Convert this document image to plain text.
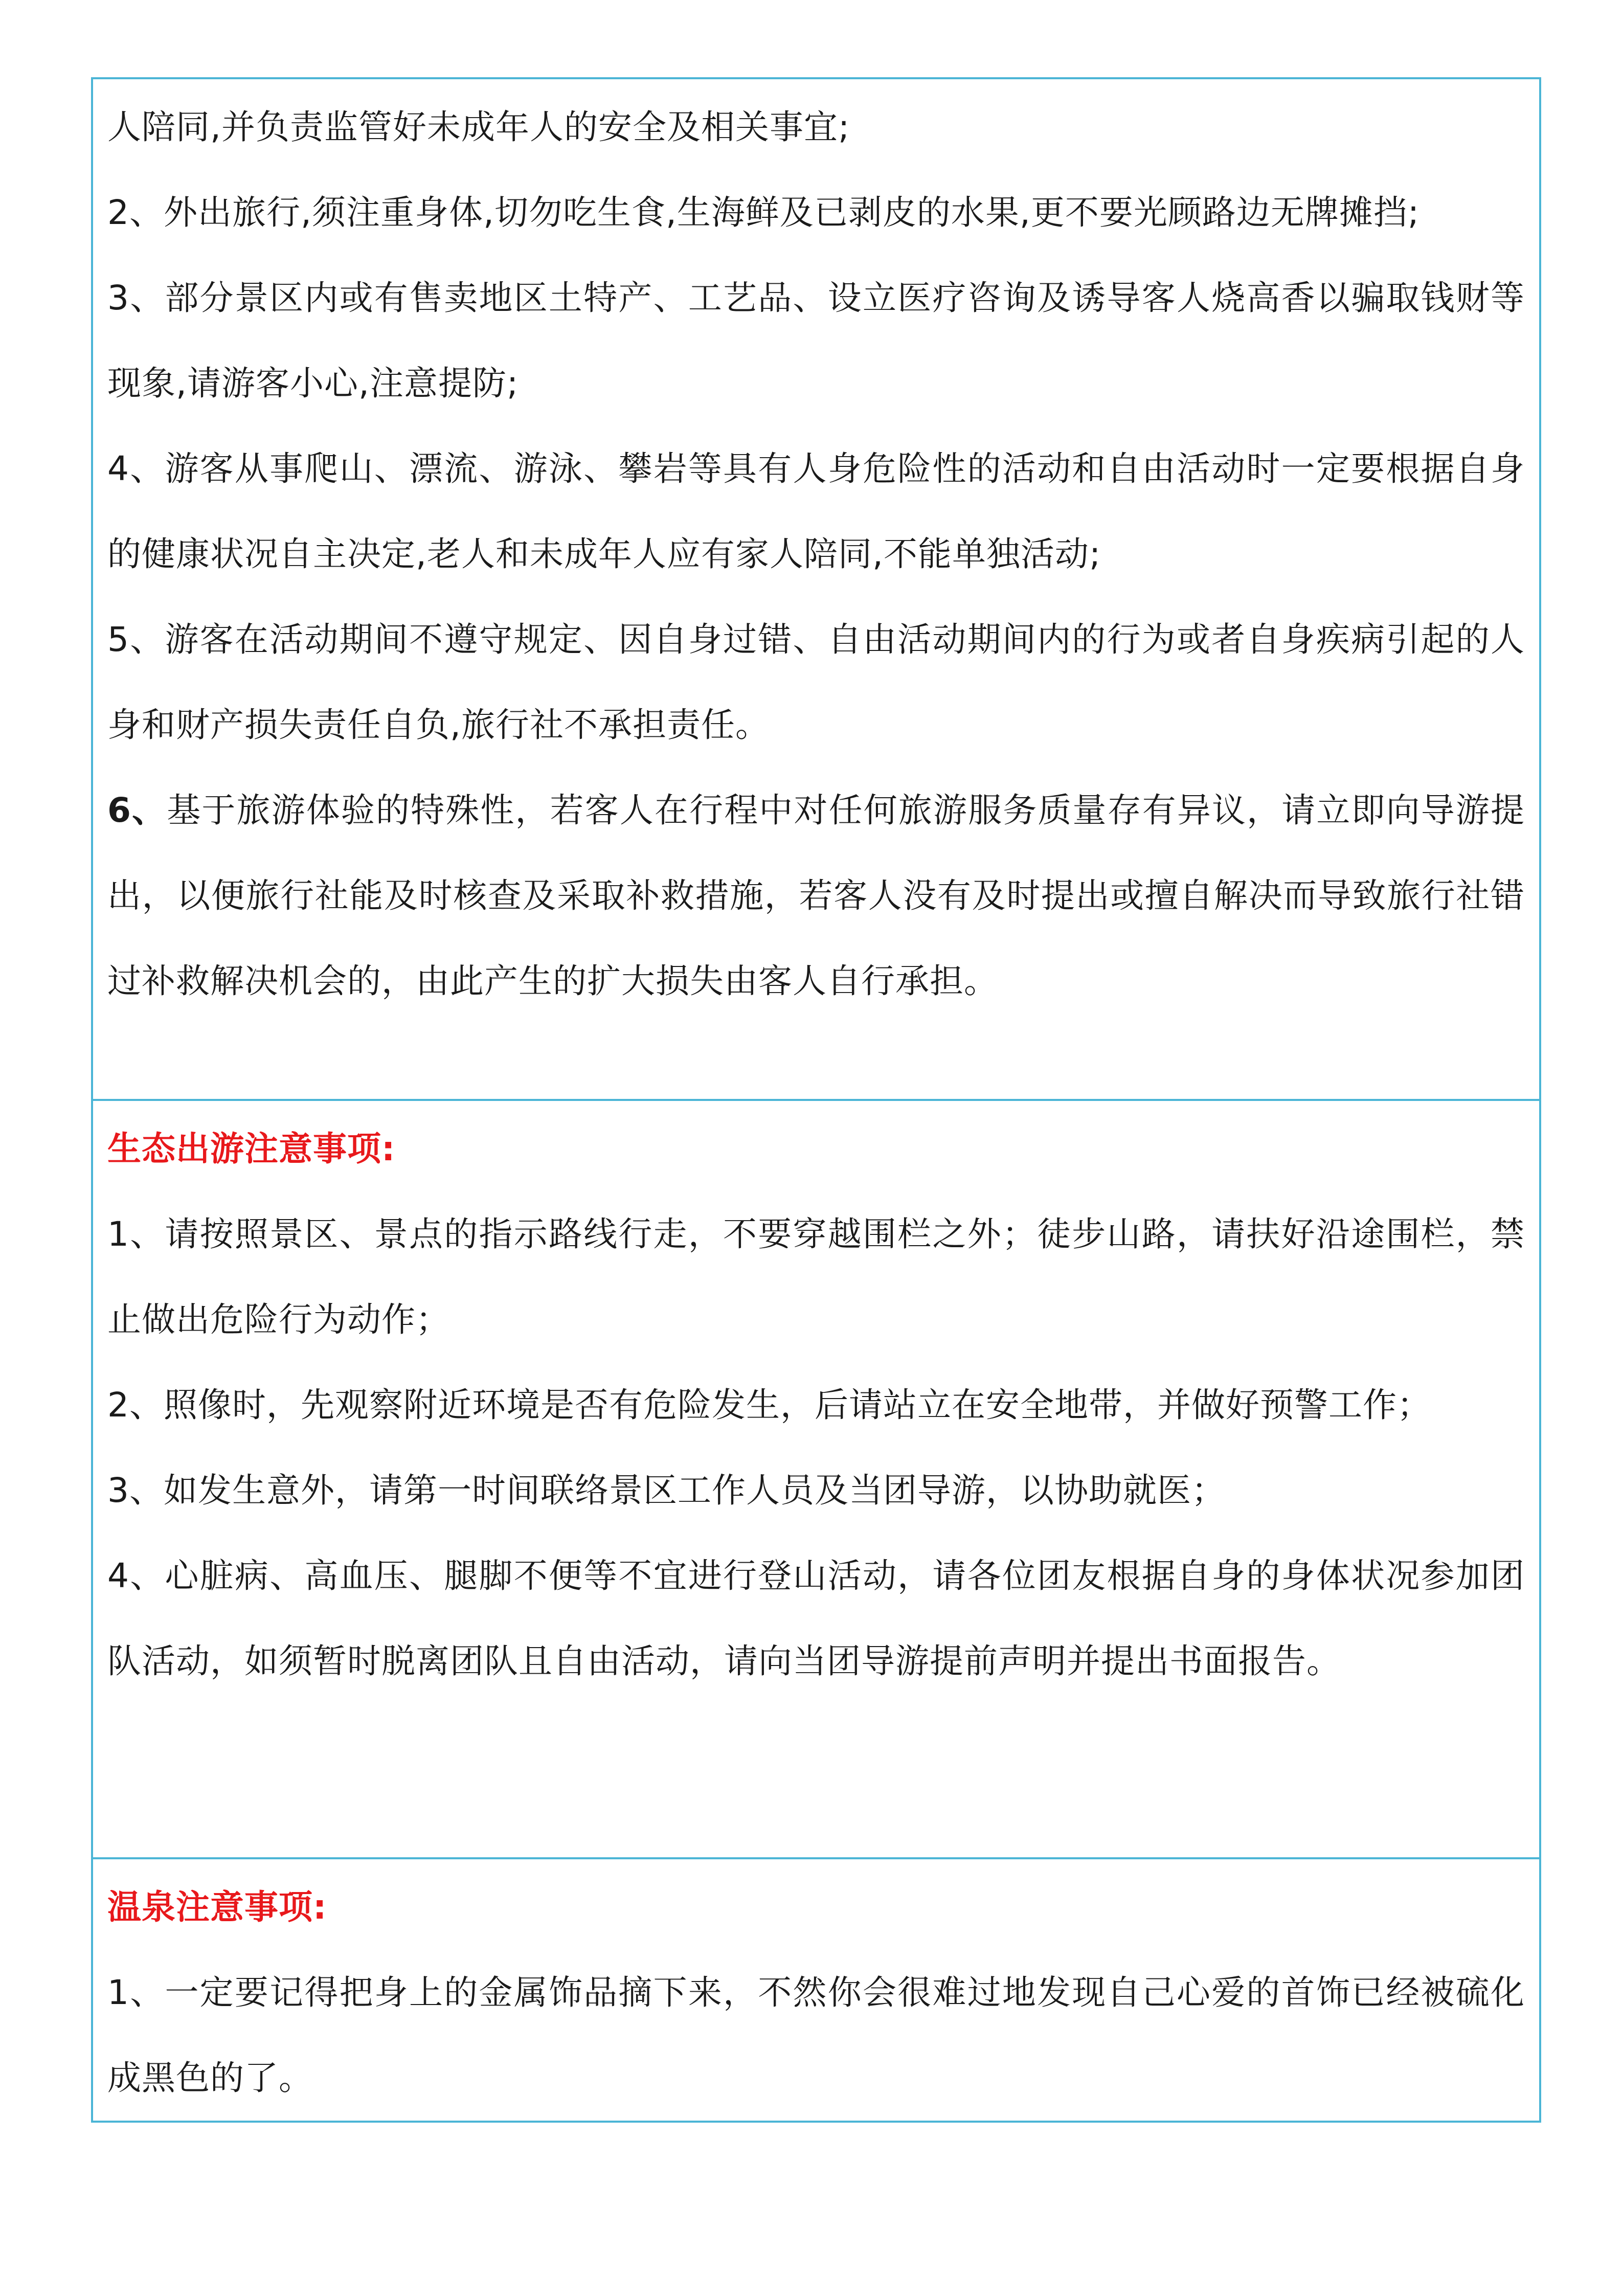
人陪同,并负责监管好未成年人的安全及相关事宜;

2、外出旅行,须注重身体,切勿吃生食,生海鲜及已剥皮的水果,更不要光顾路边无牌摊挡;

3、部分景区内或有售卖地区土特产、工艺品、设立医疗咨询及诱导客人烧高香以骗取钱财等现象,请游客小心,注意提防;

4、游客从事爬山、漂流、游泳、攀岩等具有人身危险性的活动和自由活动时一定要根据自身的健康状况自主决定,老人和未成年人应有家人陪同,不能单独活动;

5、游客在活动期间不遵守规定、因自身过错、自由活动期间内的行为或者自身疾病引起的人身和财产损失责任自负,旅行社不承担责任。

6、基于旅游体验的特殊性，若客人在行程中对任何旅游服务质量存有异议，请立即向导游提出，以便旅行社能及时核查及采取补救措施，若客人没有及时提出或擅自解决而导致旅行社错过补救解决机会的，由此产生的扩大损失由客人自行承担。

生态出游注意事项:

1、请按照景区、景点的指示路线行走，不要穿越围栏之外；徒步山路，请扶好沿途围栏，禁止做出危险行为动作；

2、照像时，先观察附近环境是否有危险发生，后请站立在安全地带，并做好预警工作；

3、如发生意外，请第一时间联络景区工作人员及当团导游，以协助就医；

4、心脏病、高血压、腿脚不便等不宜进行登山活动，请各位团友根据自身的身体状况参加团队活动，如须暂时脱离团队且自由活动，请向当团导游提前声明并提出书面报告。

温泉注意事项:

1、一定要记得把身上的金属饰品摘下来，不然你会很难过地发现自己心爱的首饰已经被硫化成黑色的了。
